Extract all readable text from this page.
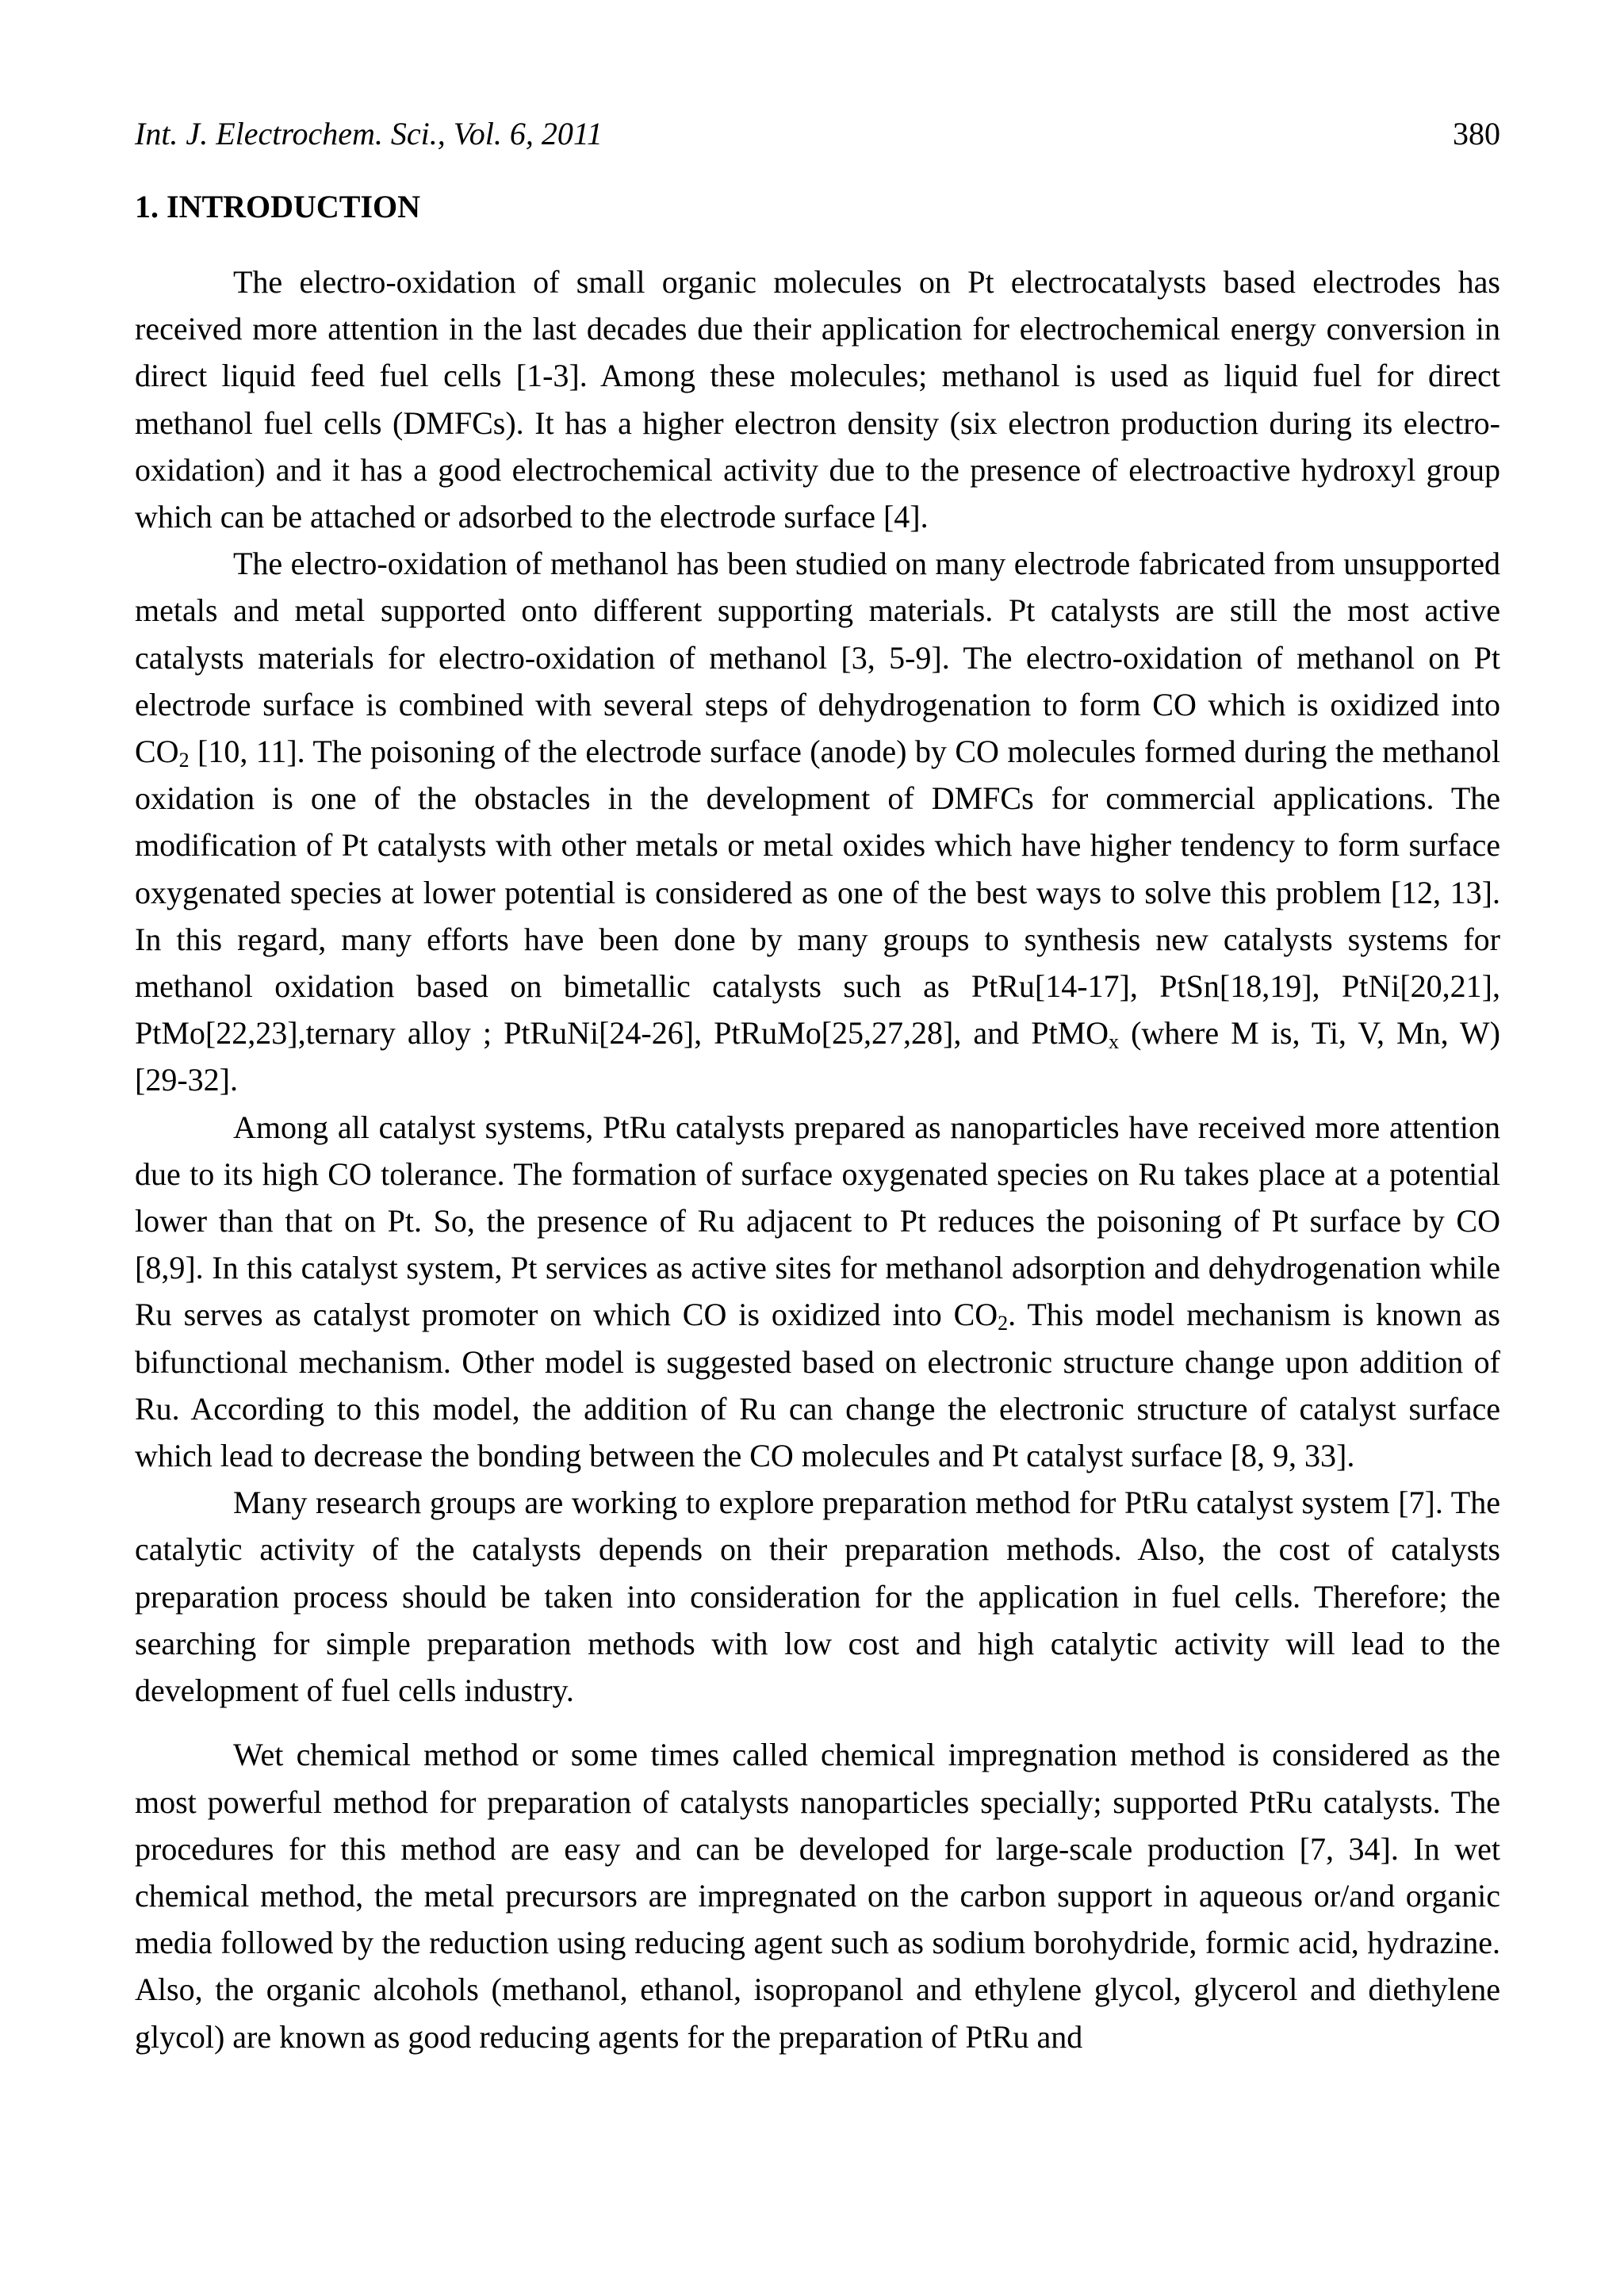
Int. J. Electrochem. Sci., Vol. 6, 2011	380
1. INTRODUCTION

The electro-oxidation of small organic molecules on Pt electrocatalysts based electrodes has received more attention in the last decades due their application for electrochemical energy conversion in direct liquid feed fuel cells [1-3]. Among these molecules; methanol is used as liquid fuel for direct methanol fuel cells (DMFCs). It has a higher electron density (six electron production during its electro-oxidation) and it has a good electrochemical activity due to the presence of electroactive hydroxyl group which can be attached or adsorbed to the electrode surface [4].

The electro-oxidation of methanol has been studied on many electrode fabricated from unsupported metals and metal supported onto different supporting materials. Pt catalysts are still the most active catalysts materials for electro-oxidation of methanol [3, 5-9]. The electro-oxidation of methanol on Pt electrode surface is combined with several steps of dehydrogenation to form CO which is oxidized into $CO_2$ [10, 11]. The poisoning of the electrode surface (anode) by CO molecules formed during the methanol oxidation is one of the obstacles in the development of DMFCs for commercial applications. The modification of Pt catalysts with other metals or metal oxides which have higher tendency to form surface oxygenated species at lower potential is considered as one of the best ways to solve this problem [12, 13]. In this regard, many efforts have been done by many groups to synthesis new catalysts systems for methanol oxidation based on bimetallic catalysts such as PtRu[14-17], PtSn[18,19], PtNi[20,21], PtMo[22,23],ternary alloy ; PtRuNi[24-26], PtRuMo[25,27,28], and PtMO$_x$ (where M is, Ti, V, Mn, W) [29-32].

Among all catalyst systems, PtRu catalysts prepared as nanoparticles have received more attention due to its high CO tolerance. The formation of surface oxygenated species on Ru takes place at a potential lower than that on Pt. So, the presence of Ru adjacent to Pt reduces the poisoning of Pt surface by CO [8,9]. In this catalyst system, Pt services as active sites for methanol adsorption and dehydrogenation while Ru serves as catalyst promoter on which CO is oxidized into $CO_2$. This model mechanism is known as bifunctional mechanism. Other model is suggested based on electronic structure change upon addition of Ru. According to this model, the addition of Ru can change the electronic structure of catalyst surface which lead to decrease the bonding between the CO molecules and Pt catalyst surface [8, 9, 33].

Many research groups are working to explore preparation method for PtRu catalyst system [7]. The catalytic activity of the catalysts depends on their preparation methods. Also, the cost of catalysts preparation process should be taken into consideration for the application in fuel cells. Therefore; the searching for simple preparation methods with low cost and high catalytic activity will lead to the development of fuel cells industry.

Wet chemical method or some times called chemical impregnation method is considered as the most powerful method for preparation of catalysts nanoparticles specially; supported PtRu catalysts. The procedures for this method are easy and can be developed for large-scale production [7, 34]. In wet chemical method, the metal precursors are impregnated on the carbon support in aqueous or/and organic media followed by the reduction using reducing agent such as sodium borohydride, formic acid, hydrazine. Also, the organic alcohols (methanol, ethanol, isopropanol and ethylene glycol, glycerol and diethylene glycol) are known as good reducing agents for the preparation of PtRu and
